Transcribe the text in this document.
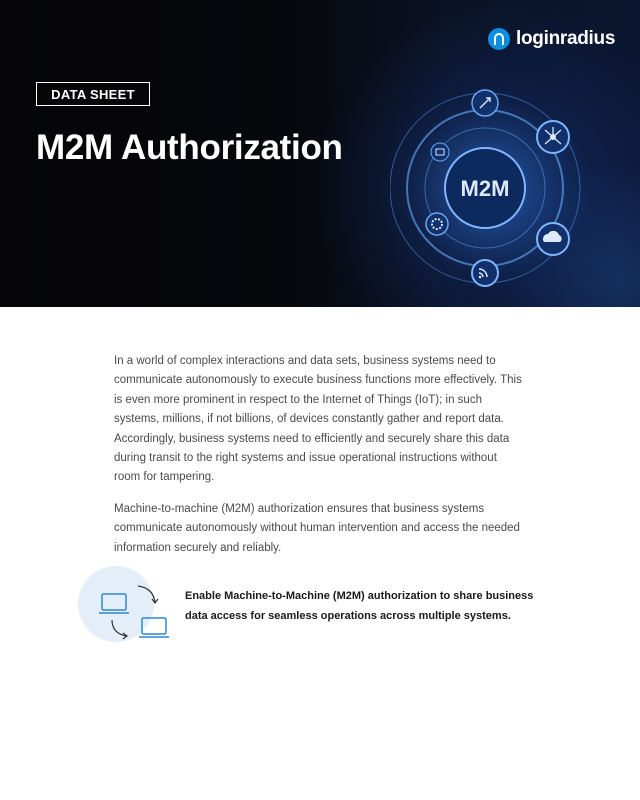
loginradius
DATA SHEET
M2M Authorization
M2M

In a world of complex interactions and data sets, business systems need to communicate autonomously to execute business functions more effectively. This is even more prominent in respect to the Internet of Things (IoT); in such systems, millions, if not billions, of devices constantly gather and report data. Accordingly, business systems need to efficiently and securely share this data during transit to the right systems and issue operational instructions without room for tampering.

Machine-to-machine (M2M) authorization ensures that business systems communicate autonomously without human intervention and access the needed information securely and reliably.

Enable Machine-to-Machine (M2M) authorization to share business data access for seamless operations across multiple systems.
